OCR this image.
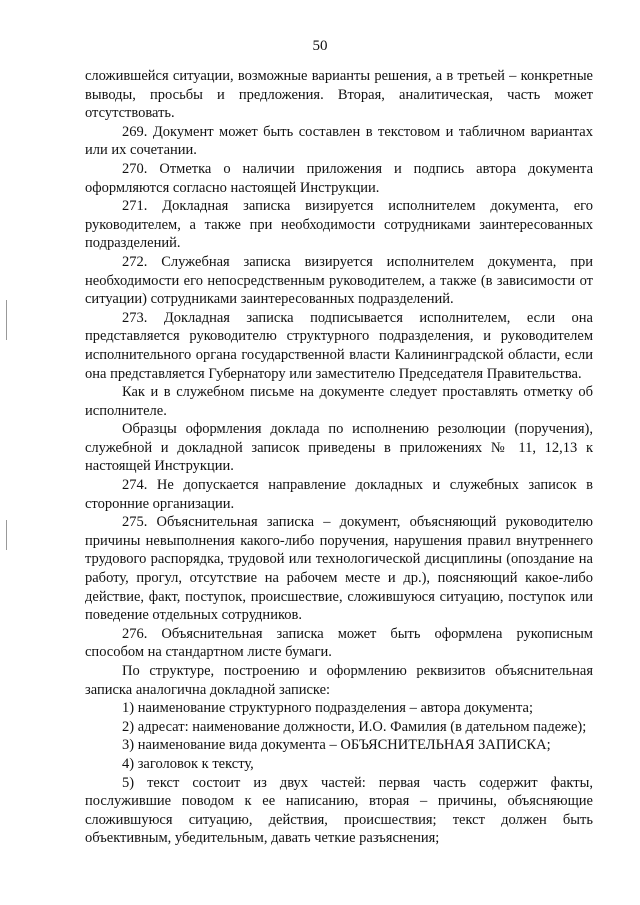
50

сложившейся ситуации, возможные варианты решения, а в третьей – конкретные выводы, просьбы и предложения. Вторая, аналитическая, часть может отсутствовать.

269. Документ может быть составлен в текстовом и табличном вариантах или их сочетании.

270. Отметка о наличии приложения и подпись автора документа оформляются согласно настоящей Инструкции.

271. Докладная записка визируется исполнителем документа, его руководителем, а также при необходимости сотрудниками заинтересованных подразделений.

272. Служебная записка визируется исполнителем документа, при необходимости его непосредственным руководителем, а также (в зависимости от ситуации) сотрудниками заинтересованных подразделений.

273. Докладная записка подписывается исполнителем, если она представляется руководителю структурного подразделения, и руководителем исполнительного органа государственной власти Калининградской области, если она представляется Губернатору или заместителю Председателя Правительства.

Как и в служебном письме на документе следует проставлять отметку об исполнителе.

Образцы оформления доклада по исполнению резолюции (поручения), служебной и докладной записок приведены в приложениях № 11, 12,13 к настоящей Инструкции.

274. Не допускается направление докладных и служебных записок в сторонние организации.

275. Объяснительная записка – документ, объясняющий руководителю причины невыполнения какого-либо поручения, нарушения правил внутреннего трудового распорядка, трудовой или технологической дисциплины (опоздание на работу, прогул, отсутствие на рабочем месте и др.), поясняющий какое-либо действие, факт, поступок, происшествие, сложившуюся ситуацию, поступок или поведение отдельных сотрудников.

276. Объяснительная записка может быть оформлена рукописным способом на стандартном листе бумаги.

По структуре, построению и оформлению реквизитов объяснительная записка аналогична докладной записке:

1) наименование структурного подразделения – автора документа;

2) адресат: наименование должности, И.О. Фамилия (в дательном падеже);

3) наименование вида документа – ОБЪЯСНИТЕЛЬНАЯ ЗАПИСКА;

4) заголовок к тексту,

5) текст состоит из двух частей: первая часть содержит факты, послужившие поводом к ее написанию, вторая – причины, объясняющие сложившуюся ситуацию, действия, происшествия; текст должен быть объективным, убедительным, давать четкие разъяснения;
